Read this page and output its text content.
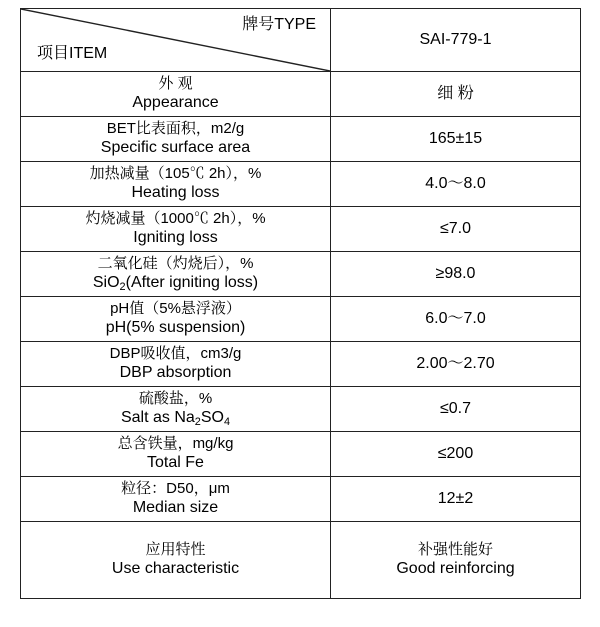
牌号TYPE
项目ITEM	SAI-779-1

外 观
Appearance	细 粉

BET比表面积，m2/g
Specific surface area	165±15

加热减量（105℃ 2h），%
Heating loss	4.0～8.0

灼烧减量（1000℃ 2h），%
Igniting loss	≤7.0

二氧化硅（灼烧后），%
SiO$_2$(After igniting loss)	≥98.0

pH值（5%悬浮液）
pH(5% suspension)	6.0～7.0

DBP吸收值，cm3/g
DBP absorption	2.00～2.70

硫酸盐，%
Salt as $Na_2SO_4$	≤0.7

总含铁量，mg/kg
Total Fe	≤200

粒径：D50，μm
Median size	12±2

应用特性
Use characteristic	补强性能好
Good reinforcing
